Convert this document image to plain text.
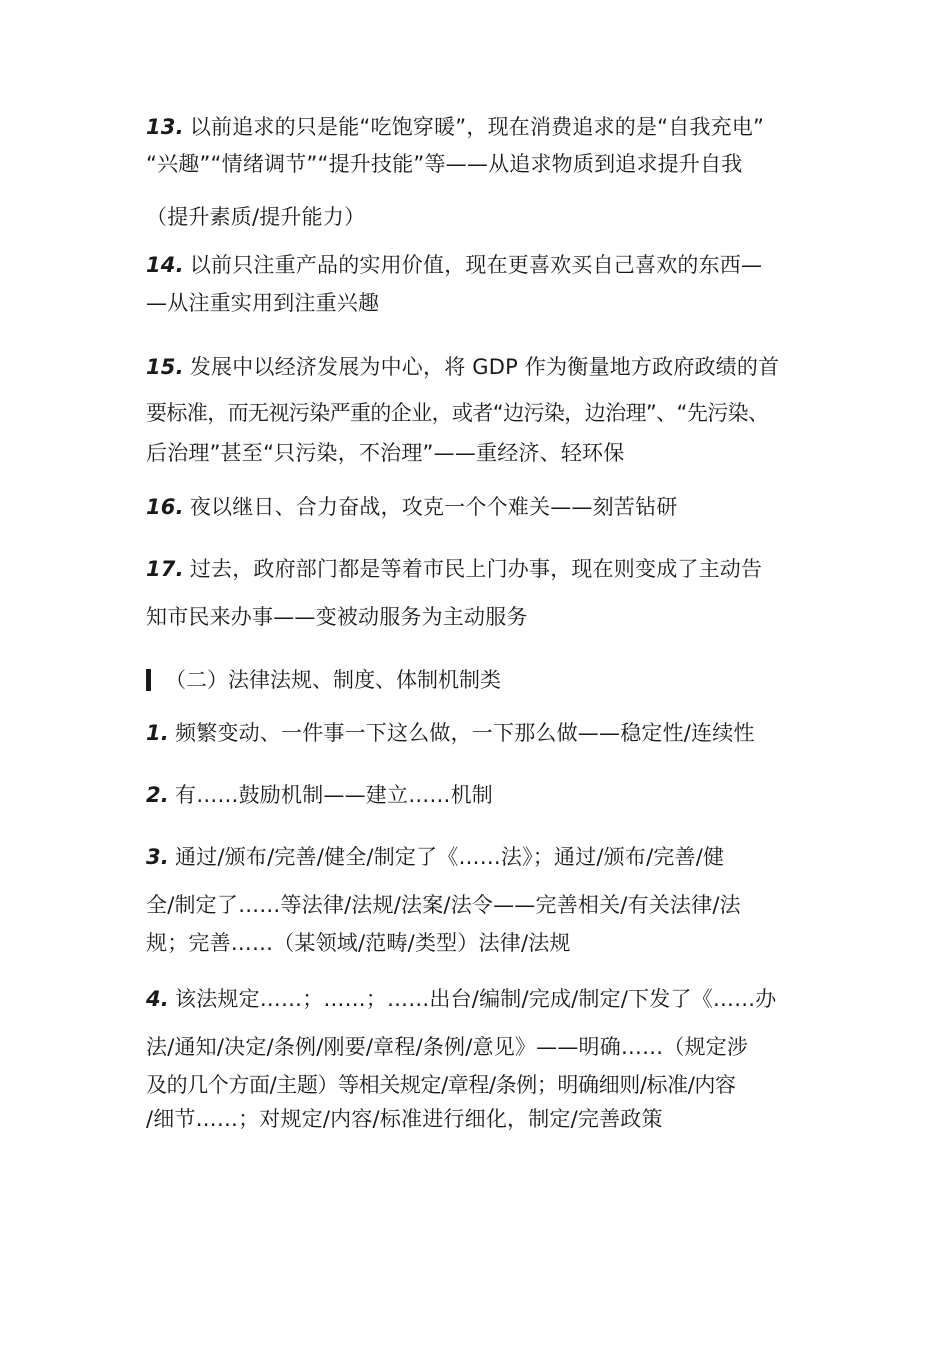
13. 以前追求的只是能“吃饱穿暖”，现在消费追求的是“自我充电”
“兴趣”“情绪调节”“提升技能”等——从追求物质到追求提升自我
（提升素质/提升能力）
14. 以前只注重产品的实用价值，现在更喜欢买自己喜欢的东西—
—从注重实用到注重兴趣
15. 发展中以经济发展为中心，将 GDP 作为衡量地方政府政绩的首
要标准，而无视污染严重的企业，或者“边污染，边治理”、“先污染、
后治理”甚至“只污染，不治理”——重经济、轻环保
16. 夜以继日、合力奋战，攻克一个个难关——刻苦钻研
17. 过去，政府部门都是等着市民上门办事，现在则变成了主动告
知市民来办事——变被动服务为主动服务
（二）法律法规、制度、体制机制类
1. 频繁变动、一件事一下这么做，一下那么做——稳定性/连续性
2. 有……鼓励机制——建立……机制
3. 通过/颁布/完善/健全/制定了《……法》；通过/颁布/完善/健
全/制定了……等法律/法规/法案/法令——完善相关/有关法律/法
规；完善……（某领域/范畴/类型）法律/法规
4. 该法规定……；……；……出台/编制/完成/制定/下发了《……办
法/通知/决定/条例/刚要/章程/条例/意见》——明确……（规定涉
及的几个方面/主题）等相关规定/章程/条例；明确细则/标准/内容
/细节……；对规定/内容/标准进行细化，制定/完善政策
